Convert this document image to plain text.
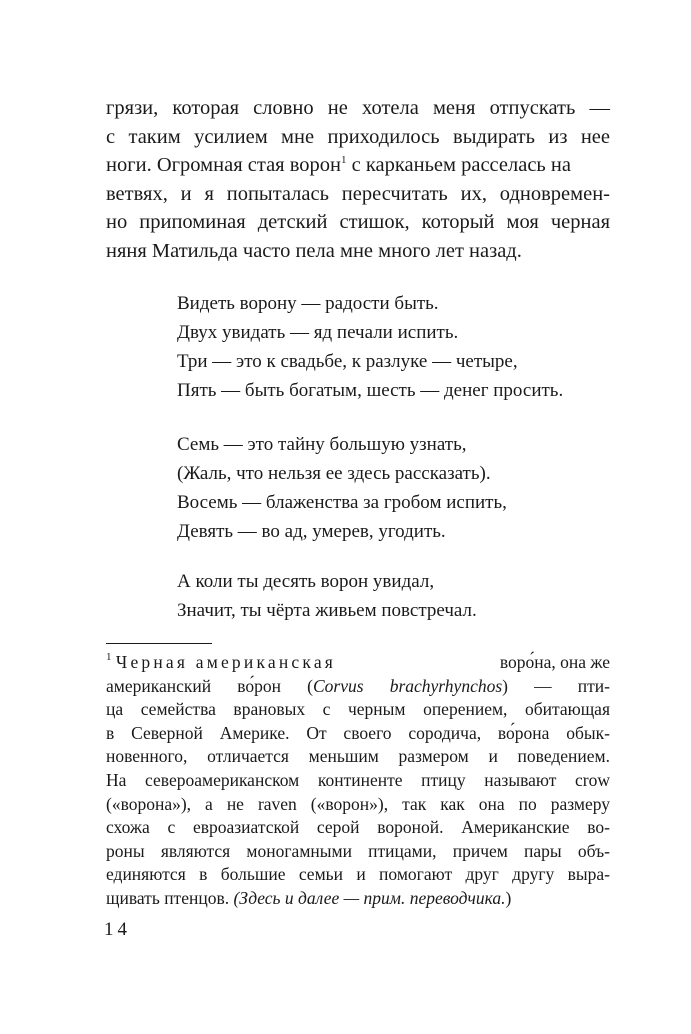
грязи, которая словно не хотела меня отпускать —
с таким усилием мне приходилось выдирать из нее
ноги. Огромная стая ворон$^1$ с карканьем расселась на
ветвях, и я попыталась пересчитать их, одновремен-
но припоминая детский стишок, который моя черная
няня Матильда часто пела мне много лет назад.
Видеть ворону — радости быть.
Двух увидать — яд печали испить.
Три — это к свадьбе, к разлуке — четыре,
Пять — быть богатым, шесть — денег просить.
Семь — это тайну большую узнать,
(Жаль, что нельзя ее здесь рассказать).
Восемь — блаженства за гробом испить,
Девять — во ад, умерев, угодить.
А коли ты десять ворон увидал,
Значит, ты чёрта живьем повстречал.
$^1$ Черная американская	воро́на, она же
американский во́рон (Corvus brachyrhynchos) — пти-
ца семейства врановых с черным оперением, обитающая
в Северной Америке. От своего сородича, во́рона обык-
новенного, отличается меньшим размером и поведением.
На североамериканском континенте птицу называют crow
(«ворона»), а не raven («ворон»), так как она по размеру
схожа с евроазиатской серой вороной. Американские во-
роны являются моногамными птицами, причем пары объ-
единяются в большие семьи и помогают друг другу выра-
щивать птенцов. (Здесь и далее — прим. переводчика.)
14
